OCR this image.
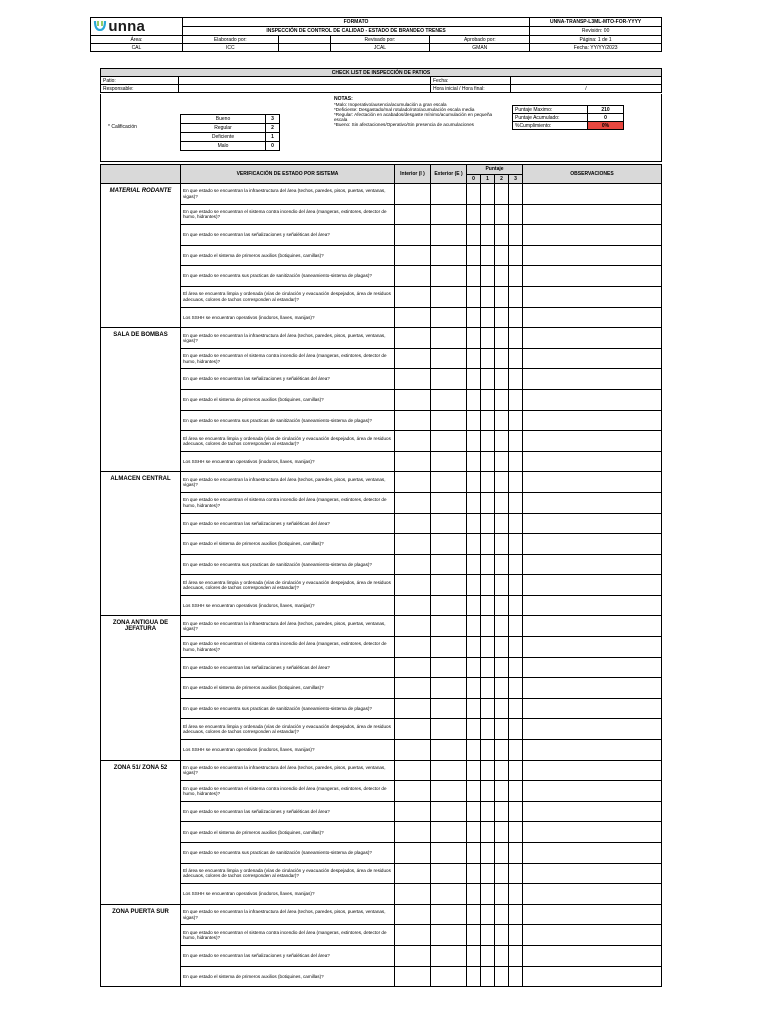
unna	FORMATO				UNNA-TRANSP-L3ML-MTO-FOR-YYYY
	INSPECCIÓN DE CONTROL DE CALIDAD - ESTADO DE BRANDEO TRENES				Revisión: 00
Área:	Elaborado por:		Revisado por:	Aprobado por:	Página: 1 de 1
CAL	ICC		JCAL	GMAN	Fecha: YY/YY/2023
CHECK LIST DE INSPECCIÓN DE PATIOS			
Patio:		Fecha:	
Responsable:		Hora inicial / Hora final:	/
* Calificación
Bueno	3
Regular	2
Deficiente	1
Malo	0
NOTAS:
*Malo: Inoperativo/ausencia/acumulación a gran escala
*Deficiente: Desgastado/mal rotulado/roto/acumulación escala media
*Regular: Afectación en acabados/desgaste mínimo/acumulación en pequeña escala
*Bueno: Sin afectaciones/Operativo/Sin presencia de acumulaciones
Puntaje Maximo:	210
Puntaje Acumulado:	0
%Cumplimiento:	0%
	VERIFICACIÓN DE ESTADO POR SISTEMA	Interior (I )	Exterior (E )	Puntaje				OBSERVACIONES
				0	1	2	3	
MATERIAL RODANTE	En que estado se encuentran la infraestructura del área (techos, paredes, pisos, puertas, ventanas, vigas)?							
	En que estado se encuentran el sistema contra incendio del área (mangeras, extintores, detector de humo, hidrantes)?							
	En que estado se encuentran las señalizaciones y señaléticas del área?							
	En que estado el sistema de primeros auxilios (botiquines, camillas)?							
	En que estado se encuentra sus practicas de sanitización (saneamiento-sistema de plagas)?							
	El área se encuentra limpia y ordenada (vías de cirulación y evacuación despejados, área de residuos adecuaos, colores de tachos corresponden al estandar)?							
	Los SSHH se encuentran operativos (inodoros, llaves, manijas)?							
SALA DE BOMBAS	En que estado se encuentran la infraestructura del área (techos, paredes, pisos, puertas, ventanas, vigas)?							
	En que estado se encuentran el sistema contra incendio del área (mangeras, extintores, detector de humo, hidrantes)?							
	En que estado se encuentran las señalizaciones y señaléticas del área?							
	En que estado el sistema de primeros auxilios (botiquines, camillas)?							
	En que estado se encuentra sus practicas de sanitización (saneamiento-sistema de plagas)?							
	El área se encuentra limpia y ordenada (vías de cirulación y evacuación despejados, área de residuos adecuaos, colores de tachos corresponden al estandar)?							
	Los SSHH se encuentran operativos (inodoros, llaves, manijas)?							
ALMACEN CENTRAL	En que estado se encuentran la infraestructura del área (techos, paredes, pisos, puertas, ventanas, vigas)?							
	En que estado se encuentran el sistema contra incendio del área (mangeras, extintores, detector de humo, hidrantes)?							
	En que estado se encuentran las señalizaciones y señaléticas del área?							
	En que estado el sistema de primeros auxilios (botiquines, camillas)?							
	En que estado se encuentra sus practicas de sanitización (saneamiento-sistema de plagas)?							
	El área se encuentra limpia y ordenada (vías de cirulación y evacuación despejados, área de residuos adecuaos, colores de tachos corresponden al estandar)?							
	Los SSHH se encuentran operativos (inodoros, llaves, manijas)?							
ZONA ANTIGUA DE JEFATURA	En que estado se encuentran la infraestructura del área (techos, paredes, pisos, puertas, ventanas, vigas)?							
	En que estado se encuentran el sistema contra incendio del área (mangeras, extintores, detector de humo, hidrantes)?							
	En que estado se encuentran las señalizaciones y señaléticas del área?							
	En que estado el sistema de primeros auxilios (botiquines, camillas)?							
	En que estado se encuentra sus practicas de sanitización (saneamiento-sistema de plagas)?							
	El área se encuentra limpia y ordenada (vías de cirulación y evacuación despejados, área de residuos adecuaos, colores de tachos corresponden al estandar)?							
	Los SSHH se encuentran operativos (inodoros, llaves, manijas)?							
ZONA 51/ ZONA 52	En que estado se encuentran la infraestructura del área (techos, paredes, pisos, puertas, ventanas, vigas)?							
	En que estado se encuentran el sistema contra incendio del área (mangeras, extintores, detector de humo, hidrantes)?							
	En que estado se encuentran las señalizaciones y señaléticas del área?							
	En que estado el sistema de primeros auxilios (botiquines, camillas)?							
	En que estado se encuentra sus practicas de sanitización (saneamiento-sistema de plagas)?							
	El área se encuentra limpia y ordenada (vías de cirulación y evacuación despejados, área de residuos adecuaos, colores de tachos corresponden al estandar)?							
	Los SSHH se encuentran operativos (inodoros, llaves, manijas)?							
ZONA PUERTA SUR	En que estado se encuentran la infraestructura del área (techos, paredes, pisos, puertas, ventanas, vigas)?							
	En que estado se encuentran el sistema contra incendio del área (mangeras, extintores, detector de humo, hidrantes)?							
	En que estado se encuentran las señalizaciones y señaléticas del área?							
	En que estado el sistema de primeros auxilios (botiquines, camillas)?							
